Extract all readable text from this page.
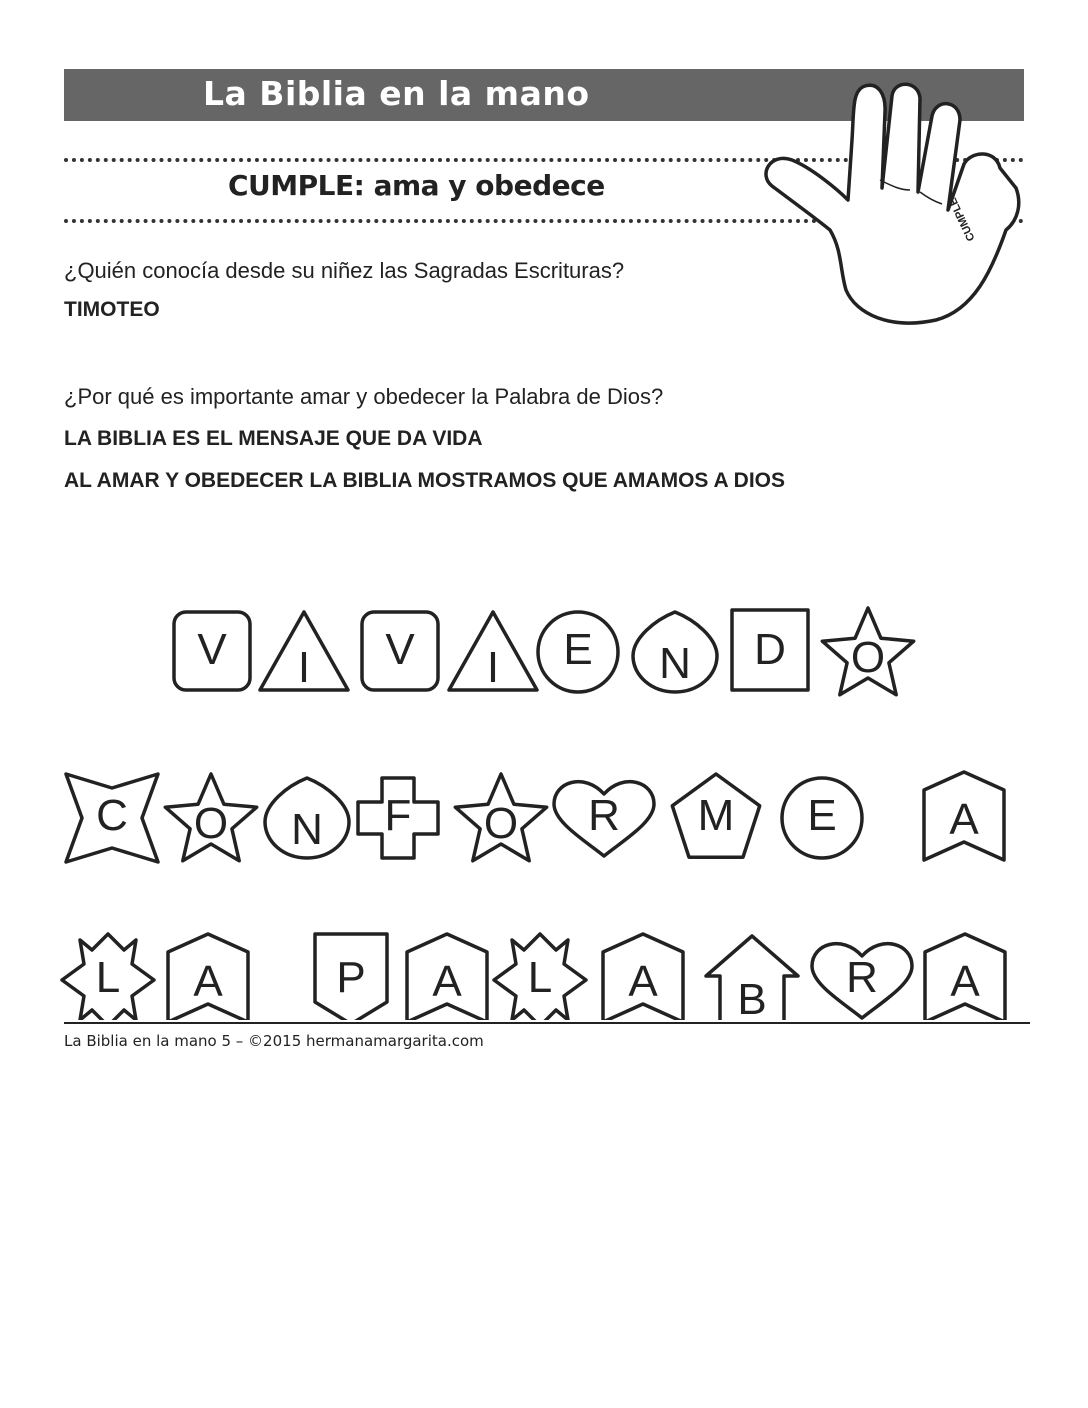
La Biblia en la mano
CUMPLE: ama y obedece
CUMPLE
¿Quién conocía desde su niñez las Sagradas Escrituras?
TIMOTEO
¿Por qué es importante amar y obedecer la Palabra de Dios?
LA BIBLIA ES EL MENSAJE QUE DA VIDA
AL AMAR Y OBEDECER LA BIBLIA MOSTRAMOS QUE AMAMOS A DIOS
V I V I E N D O
C O N F O R M E	A
L A	P A L A B R A
La Biblia en la mano 5 – ©2015 hermanamargarita.com
